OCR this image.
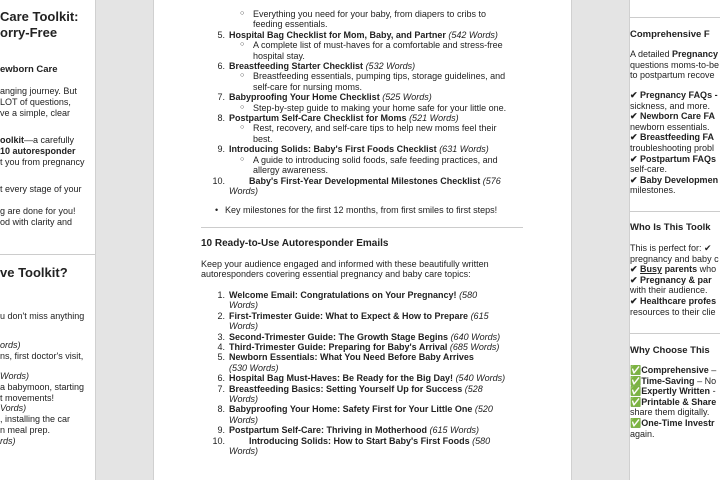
Care Toolkit:

orry-Free

ewborn Care

anging journey. But

LOT of questions,

ve a simple, clear

oolkit—a carefully

10 autoresponder

t you from pregnancy

t every stage of your

g are done for you!

od with clarity and

ve Toolkit?

u don't miss anything

ords)

ns, first doctor's visit,

Words)

a babymoon, starting

t movements!

Vords)

, installing the car

n meal prep.

rds)

○ Everything you need for your baby, from diapers to cribs to
feeding essentials.
5. Hospital Bag Checklist for Mom, Baby, and Partner (542 Words)
○ A complete list of must-haves for a comfortable and stress-free
hospital stay.
6. Breastfeeding Starter Checklist (532 Words)
○ Breastfeeding essentials, pumping tips, storage guidelines, and
self-care for nursing moms.
7. Babyproofing Your Home Checklist (525 Words)
○ Step-by-step guide to making your home safe for your little one.
8. Postpartum Self-Care Checklist for Moms (521 Words)
○ Rest, recovery, and self-care tips to help new moms feel their
best.
9. Introducing Solids: Baby's First Foods Checklist (631 Words)
○ A guide to introducing solid foods, safe feeding practices, and
allergy awareness.
10.	Baby's First-Year Developmental Milestones Checklist (576
Words)

• Key milestones for the first 12 months, from first smiles to first steps!

10 Ready-to-Use Autoresponder Emails

Keep your audience engaged and informed with these beautifully written

autoresponders covering essential pregnancy and baby care topics:

1. Welcome Email: Congratulations on Your Pregnancy! (580
Words)
2. First-Trimester Guide: What to Expect & How to Prepare (615
Words)
3. Second-Trimester Guide: The Growth Stage Begins (640 Words)
4. Third-Trimester Guide: Preparing for Baby's Arrival (685 Words)
5. Newborn Essentials: What You Need Before Baby Arrives
(530 Words)
6. Hospital Bag Must-Haves: Be Ready for the Big Day! (540 Words)
7. Breastfeeding Basics: Setting Yourself Up for Success (528
Words)
8. Babyproofing Your Home: Safety First for Your Little One (520
Words)
9. Postpartum Self-Care: Thriving in Motherhood (615 Words)
10.	Introducing Solids: How to Start Baby's First Foods (580
Words)

Comprehensive F

A detailed Pregnancy

questions moms-to-be

to postpartum recove

✔ Pregnancy FAQs -

sickness, and more.

✔ Newborn Care FA

newborn essentials.

✔ Breastfeeding FA

troubleshooting probl

✔ Postpartum FAQs

self-care.

✔ Baby Developmen

milestones.

Who Is This Toolk

This is perfect for: ✔

pregnancy and baby c

✔ Busy parents who

✔ Pregnancy & par

with their audience.

✔ Healthcare profes

resources to their clie

Why Choose This

✅Comprehensive –

✅Time-Saving – No

✅Expertly Written -

✅Printable & Share

share them digitally.

✅One-Time Investr

again.
